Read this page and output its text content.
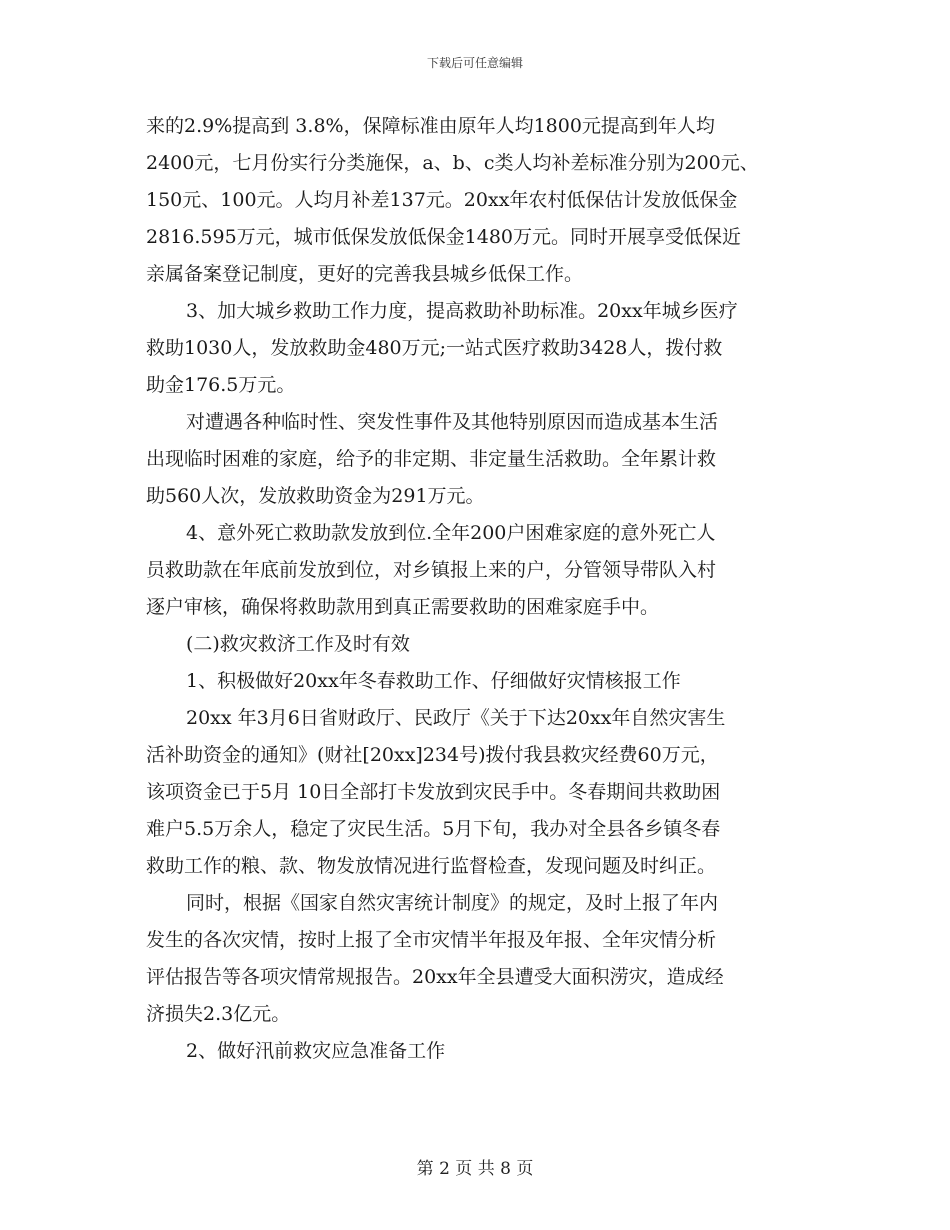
下载后可任意编辑
来的2.9%提高到 3.8%，保障标准由原年人均1800元提高到年人均
2400元，七月份实行分类施保，a、b、c类人均补差标准分别为200元、
150元、100元。人均月补差137元。20xx年农村低保估计发放低保金
2816.595万元，城市低保发放低保金1480万元。同时开展享受低保近
亲属备案登记制度，更好的完善我县城乡低保工作。
3、加大城乡救助工作力度，提高救助补助标准。20xx年城乡医疗
救助1030人，发放救助金480万元;一站式医疗救助3428人，拨付救
助金176.5万元。
对遭遇各种临时性、突发性事件及其他特别原因而造成基本生活
出现临时困难的家庭，给予的非定期、非定量生活救助。全年累计救
助560人次，发放救助资金为291万元。
4、意外死亡救助款发放到位.全年200户困难家庭的意外死亡人
员救助款在年底前发放到位，对乡镇报上来的户，分管领导带队入村
逐户审核，确保将救助款用到真正需要救助的困难家庭手中。
(二)救灾救济工作及时有效
1、积极做好20xx年冬春救助工作、仔细做好灾情核报工作
20xx 年3月6日省财政厅、民政厅《关于下达20xx年自然灾害生
活补助资金的通知》(财社[20xx]234号)拨付我县救灾经费60万元，
该项资金已于5月 10日全部打卡发放到灾民手中。冬春期间共救助困
难户5.5万余人，稳定了灾民生活。5月下旬，我办对全县各乡镇冬春
救助工作的粮、款、物发放情况进行监督检查，发现问题及时纠正。
同时，根据《国家自然灾害统计制度》的规定，及时上报了年内
发生的各次灾情，按时上报了全市灾情半年报及年报、全年灾情分析
评估报告等各项灾情常规报告。20xx年全县遭受大面积涝灾，造成经
济损失2.3亿元。
2、做好汛前救灾应急准备工作
第 2 页 共 8 页
